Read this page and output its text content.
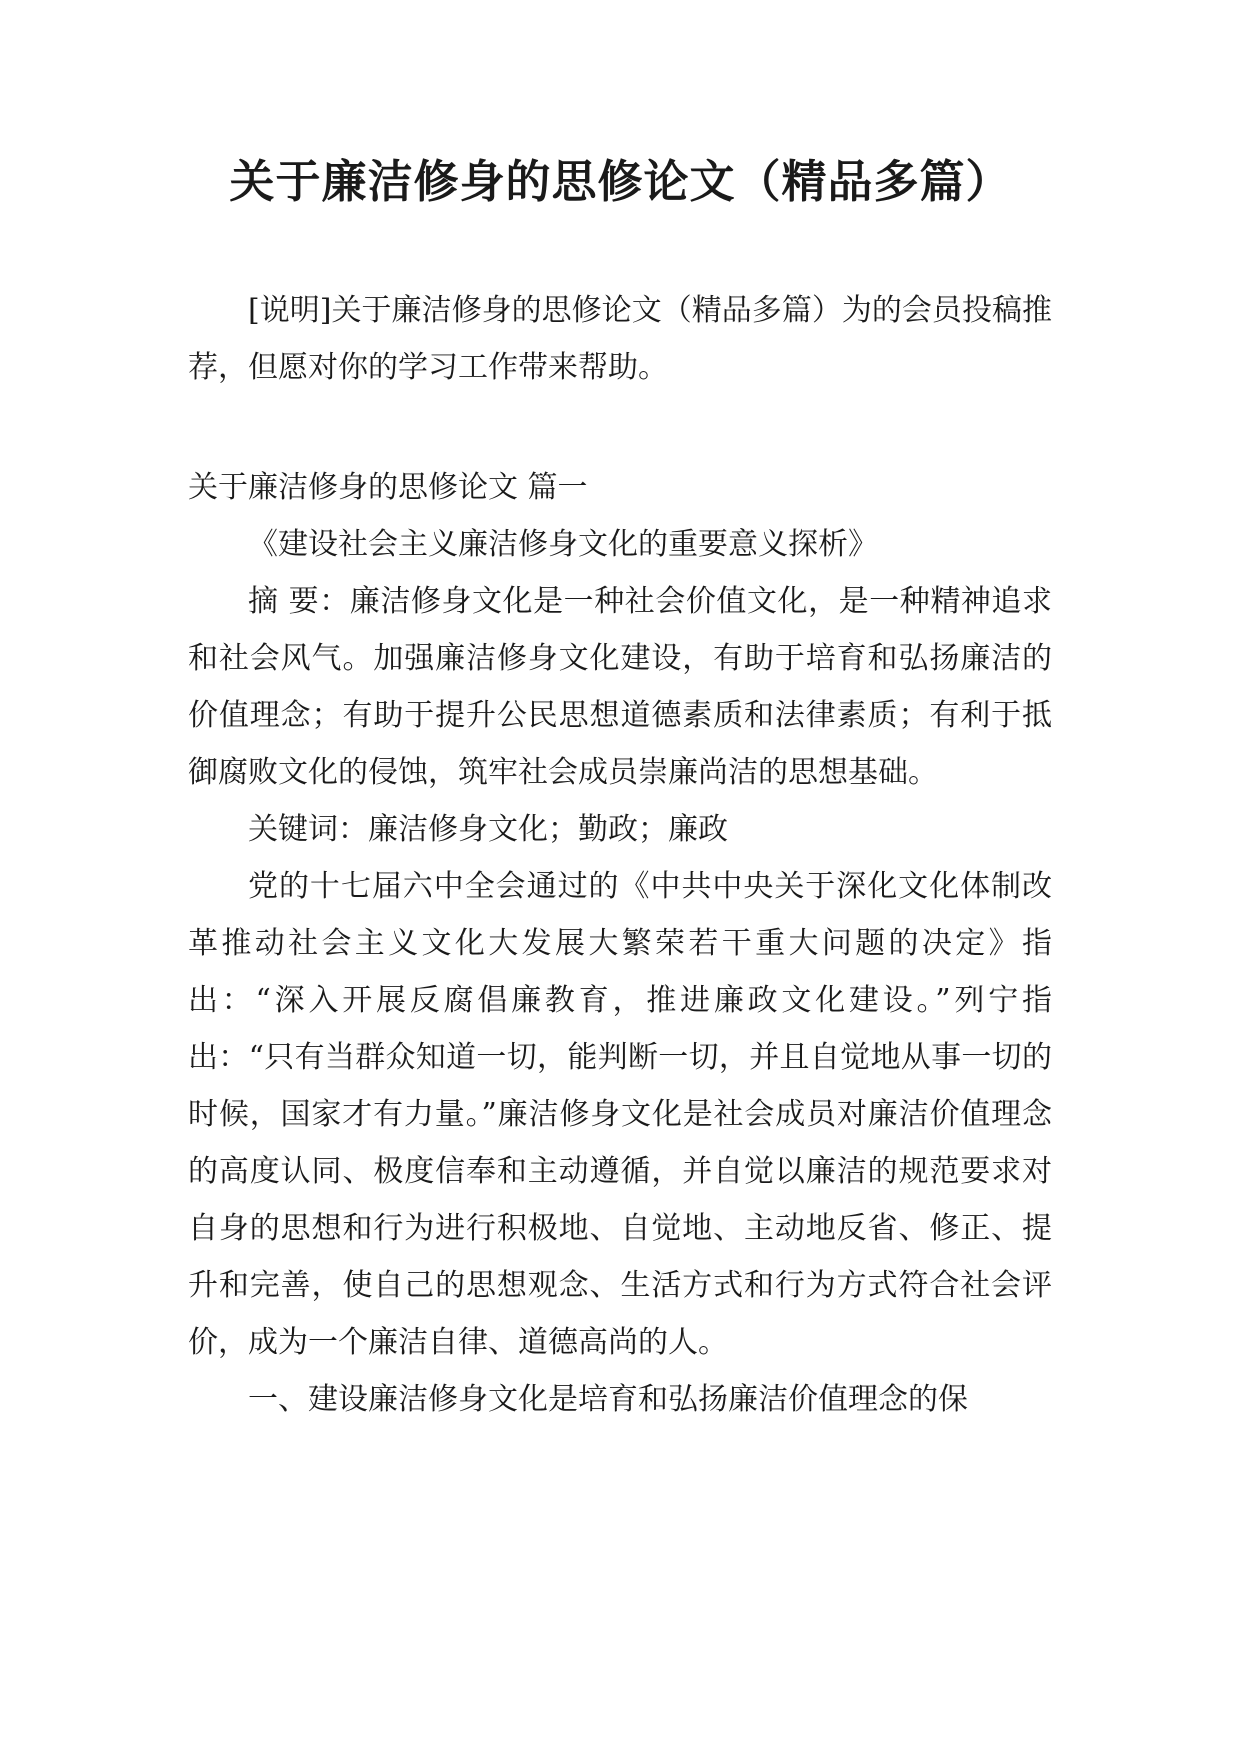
关于廉洁修身的思修论文（精品多篇）

[说明]关于廉洁修身的思修论文（精品多篇）为的会员投稿推荐，但愿对你的学习工作带来帮助。

关于廉洁修身的思修论文 篇一

《建设社会主义廉洁修身文化的重要意义探析》

摘 要：廉洁修身文化是一种社会价值文化，是一种精神追求和社会风气。加强廉洁修身文化建设，有助于培育和弘扬廉洁的价值理念；有助于提升公民思想道德素质和法律素质；有利于抵御腐败文化的侵蚀，筑牢社会成员崇廉尚洁的思想基础。

关键词：廉洁修身文化；勤政；廉政

党的十七届六中全会通过的《中共中央关于深化文化体制改革推动社会主义文化大发展大繁荣若干重大问题的决定》指出：“深入开展反腐倡廉教育，推进廉政文化建设。”列宁指出：“只有当群众知道一切，能判断一切，并且自觉地从事一切的时候，国家才有力量。”廉洁修身文化是社会成员对廉洁价值理念的高度认同、极度信奉和主动遵循，并自觉以廉洁的规范要求对自身的思想和行为进行积极地、自觉地、主动地反省、修正、提升和完善，使自己的思想观念、生活方式和行为方式符合社会评价，成为一个廉洁自律、道德高尚的人。

一、建设廉洁修身文化是培育和弘扬廉洁价值理念的保
